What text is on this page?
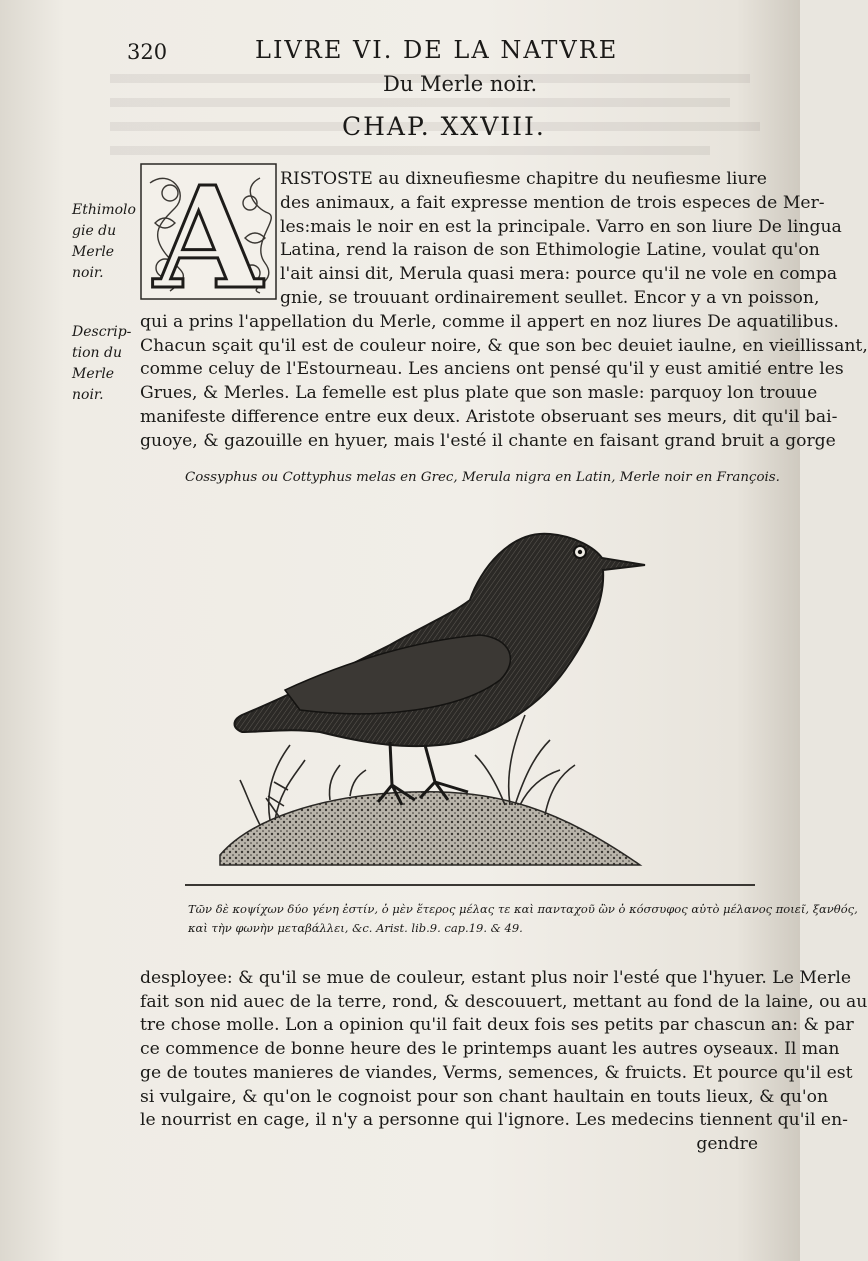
320	LIVRE VI. DE LA NATVRE
Du Merle noir.
CHAP. XXVIII.
Ethimolo
gie du
Merle
noir.
Descrip-
tion du
Merle
noir.
A	RISTOSTE au dixneufiesme chapitre du neufiesme liure
des animaux, a fait expresse mention de trois especes de Mer-
les:mais le noir en est la principale. Varro en son liure De lingua
Latina, rend la raison de son Ethimologie Latine, voulat qu'on
l'ait ainsi dit, Merula quasi mera: pource qu'il ne vole en compa
gnie, se trouuant ordinairement seullet. Encor y a vn poisson,
qui a prins l'appellation du Merle, comme il appert en noz liures De aquatilibus.
Chacun sçait qu'il est de couleur noire, & que son bec deuiet iaulne, en vieillissant,
comme celuy de l'Estourneau. Les anciens ont pensé qu'il y eust amitié entre les
Grues, & Merles. La femelle est plus plate que son masle: parquoy lon trouue
manifeste difference entre eux deux. Aristote obseruant ses meurs, dit qu'il bai-
guoye, & gazouille en hyuer, mais l'esté il chante en faisant grand bruit a gorge
Cossyphus ou Cottyphus melas en Grec, Merula nigra en Latin, Merle noir en François.
Τῶν δὲ κοψίχων δύο γένη ἐστίν, ὁ μὲν ἕτερος μέλας τε καὶ πανταχοῦ ὢν ὁ κόσσυφος αὐτὸ μέλανος ποιεῖ, ξανθός,
καὶ τὴν φωνὴν μεταβάλλει, &c. Arist. lib.9. cap.19. & 49.
desployee: & qu'il se mue de couleur, estant plus noir l'esté que l'hyuer. Le Merle
fait son nid auec de la terre, rond, & descouuert, mettant au fond de la laine, ou au
tre chose molle. Lon a opinion qu'il fait deux fois ses petits par chascun an: & par
ce commence de bonne heure des le printemps auant les autres oyseaux. Il man
ge de toutes manieres de viandes, Verms, semences, & fruicts. Et pource qu'il est
si vulgaire, & qu'on le cognoist pour son chant haultain en touts lieux, & qu'on
le nourrist en cage, il n'y a personne qui l'ignore. Les medecins tiennent qu'il en-
gendre
